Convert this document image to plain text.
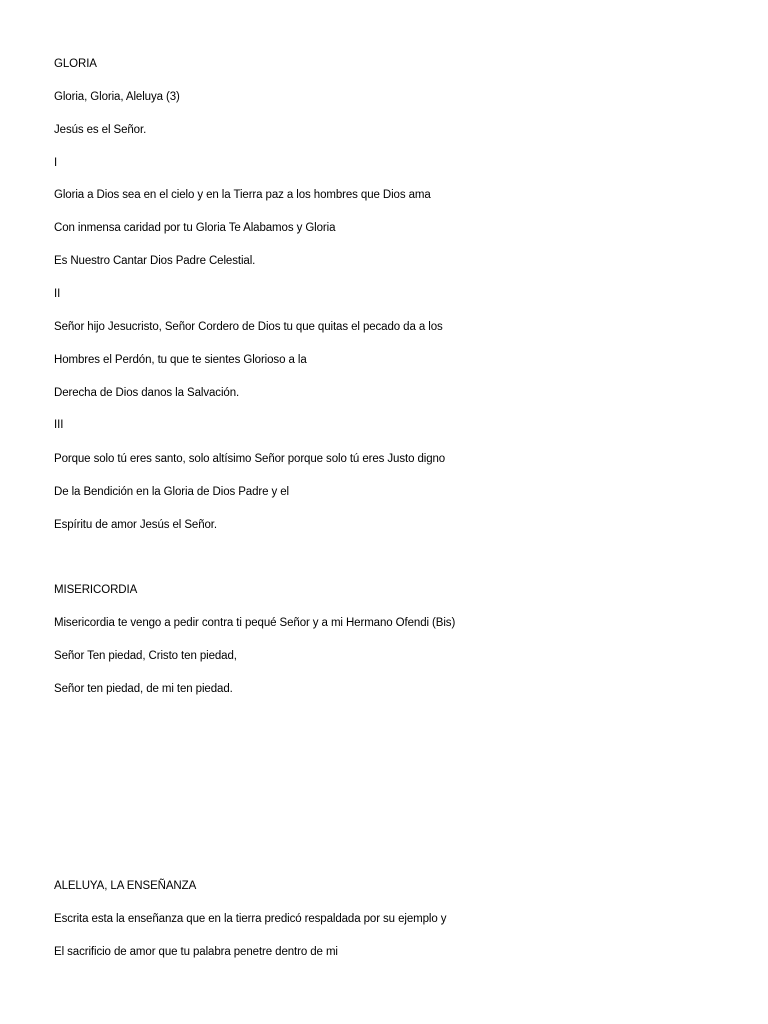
GLORIA
Gloria, Gloria, Aleluya (3)
Jesús es el Señor.
I
Gloria a Dios sea en el cielo y en la Tierra paz a los hombres que Dios ama
Con inmensa caridad por tu Gloria Te Alabamos y Gloria
Es Nuestro Cantar Dios Padre Celestial.
II
Señor hijo Jesucristo, Señor Cordero de Dios tu que quitas el pecado da a los
Hombres el Perdón, tu que te sientes Glorioso a la
Derecha de Dios danos la Salvación.
III
Porque solo tú eres santo, solo altísimo Señor porque solo tú eres Justo digno
De la Bendición en la Gloria de Dios Padre y el
Espíritu de amor Jesús el Señor.
MISERICORDIA
Misericordia te vengo a pedir contra ti pequé Señor y a mi Hermano Ofendi (Bis)
Señor Ten piedad, Cristo ten piedad,
Señor ten piedad, de mi ten piedad.
ALELUYA, LA ENSEÑANZA
Escrita esta la enseñanza que en la tierra predicó respaldada por su ejemplo y
El sacrificio de amor que tu palabra penetre dentro de mi
